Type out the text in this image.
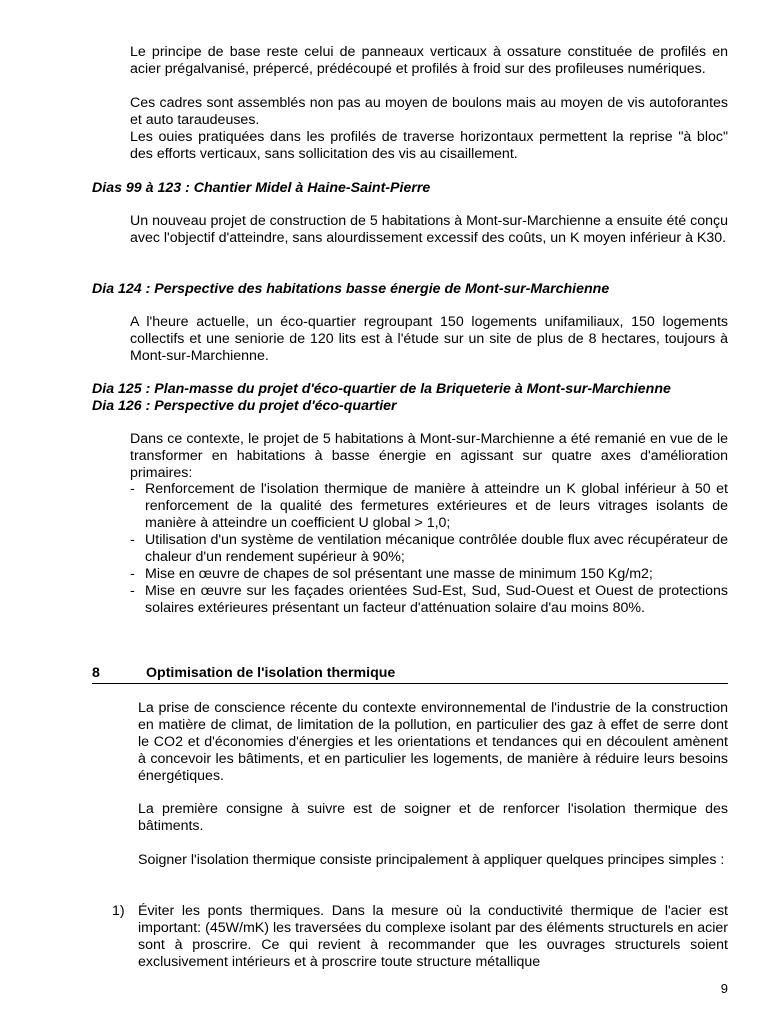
Le principe de base reste celui de panneaux verticaux à ossature constituée de profilés en acier prégalvanisé, prépercé, prédécoupé et profilés à froid sur des profileuses numériques.

Ces cadres sont assemblés non pas au moyen de boulons mais au moyen de vis autoforantes et auto taraudeuses.

Les ouies pratiquées dans les profilés de traverse horizontaux permettent la reprise "à bloc" des efforts verticaux, sans sollicitation des vis au cisaillement.

Dias 99 à 123 : Chantier Midel à Haine-Saint-Pierre

Un nouveau projet de construction de 5 habitations à Mont-sur-Marchienne a ensuite été conçu avec l'objectif d'atteindre, sans alourdissement excessif des coûts, un K moyen inférieur à K30.

Dia 124 : Perspective des habitations basse énergie de Mont-sur-Marchienne

A l'heure actuelle, un éco-quartier regroupant 150 logements unifamiliaux, 150 logements collectifs et une seniorie de 120 lits est à l'étude sur un site de plus de 8 hectares, toujours à Mont-sur-Marchienne.

Dia 125 : Plan-masse du projet d'éco-quartier de la Briqueterie à Mont-sur-Marchienne

Dia 126 : Perspective du projet d'éco-quartier

Dans ce contexte, le projet de 5 habitations à Mont-sur-Marchienne a été remanié en vue de le transformer en habitations à basse énergie en agissant sur quatre axes d'amélioration primaires:

- Renforcement de l'isolation thermique de manière à atteindre un K global inférieur à 50 et renforcement de la qualité des fermetures extérieures et de leurs vitrages isolants de manière à atteindre un coefficient U global > 1,0;
- Utilisation d'un système de ventilation mécanique contrôlée double flux avec récupérateur de chaleur d'un rendement supérieur à 90%;
- Mise en œuvre de chapes de sol présentant une masse de minimum 150 Kg/m2;
- Mise en œuvre sur les façades orientées Sud-Est, Sud, Sud-Ouest et Ouest de protections solaires extérieures présentant un facteur d'atténuation solaire d'au moins 80%.
8	Optimisation de l'isolation thermique

La prise de conscience récente du contexte environnemental de l'industrie de la construction en matière de climat, de limitation de la pollution, en particulier des gaz à effet de serre dont le CO2 et d'économies d'énergies et les orientations et tendances qui en découlent amènent à concevoir les bâtiments, et en particulier les logements, de manière à réduire leurs besoins énergétiques.

La première consigne à suivre est de soigner et de renforcer l'isolation thermique des bâtiments.

Soigner l'isolation thermique consiste principalement à appliquer quelques principes simples :

1) Éviter les ponts thermiques. Dans la mesure où la conductivité thermique de l'acier est important: (45W/mK) les traversées du complexe isolant par des éléments structurels en acier sont à proscrire. Ce qui revient à recommander que les ouvrages structurels soient exclusivement intérieurs et à proscrire toute structure métallique
9
